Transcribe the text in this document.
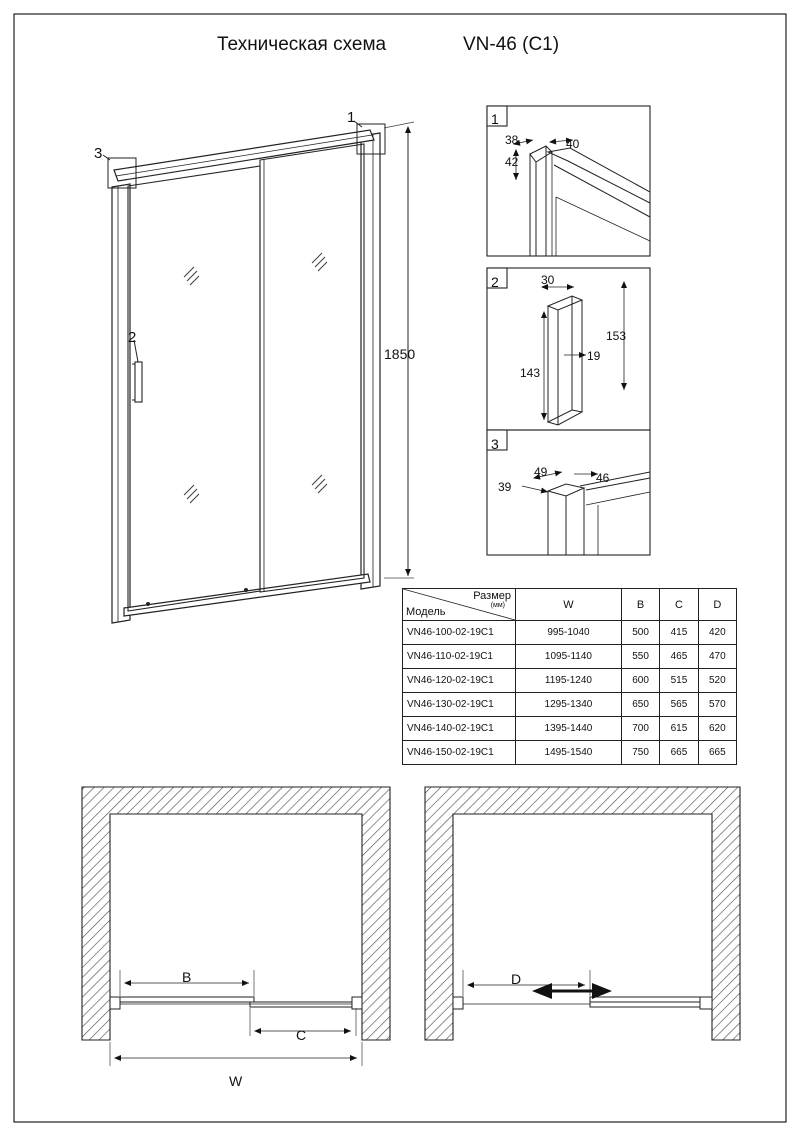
1
3
2
1850
1
38	40
42
2	30
153
143
19
3
49	46
39
B
C
W
D
Техническая схема	VN-46 (C1)
Размер
(мм)
Модель	W	B	C	D
VN46-100-02-19C1	995-1040	500	415	420
VN46-110-02-19C1	1095-1140	550	465	470
VN46-120-02-19C1	1195-1240	600	515	520
VN46-130-02-19C1	1295-1340	650	565	570
VN46-140-02-19C1	1395-1440	700	615	620
VN46-150-02-19C1	1495-1540	750	665	665
